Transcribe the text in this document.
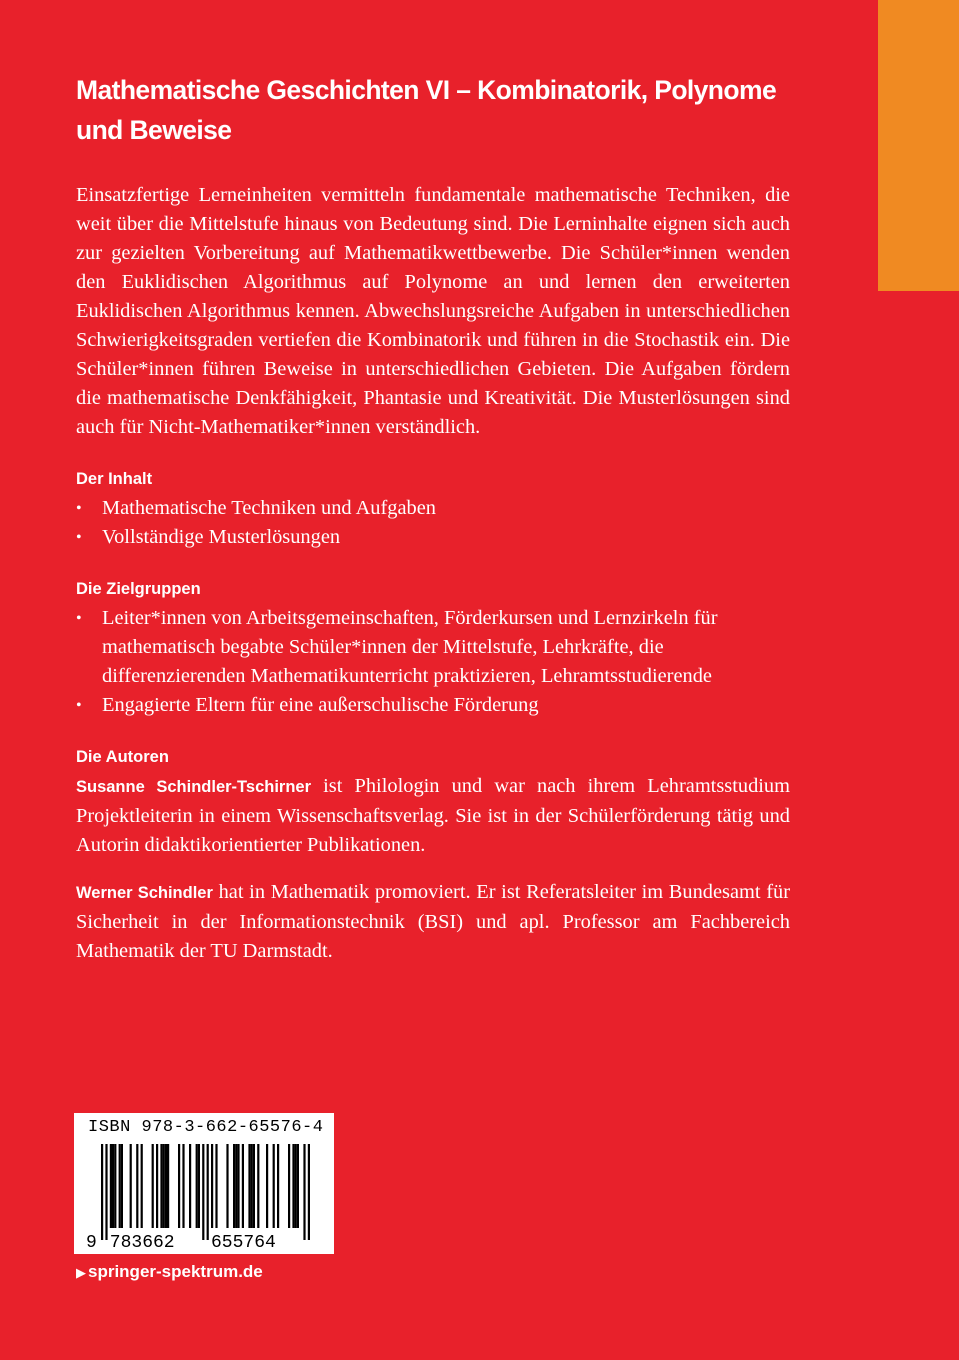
Mathematische Geschichten VI – Kombinatorik, Polynome und Beweise

Einsatzfertige Lerneinheiten vermitteln fundamentale mathematische Techniken, die weit über die Mittelstufe hinaus von Bedeutung sind. Die Lerninhalte eignen sich auch zur gezielten Vorbereitung auf Mathematikwettbewerbe. Die Schüler*innen wenden den Euklidischen Algorithmus auf Polynome an und lernen den erweiterten Euklidischen Algorithmus kennen. Abwechslungsreiche Aufgaben in unterschiedlichen Schwierigkeitsgraden vertiefen die Kombinatorik und führen in die Stochastik ein. Die Schüler*innen führen Beweise in unterschiedlichen Gebieten. Die Aufgaben fördern die mathematische Denkfähigkeit, Phantasie und Kreativität. Die Musterlösungen sind auch für Nicht-Mathematiker*innen verständlich.

Der Inhalt
• Mathematische Techniken und Aufgaben
• Vollständige Musterlösungen
Die Zielgruppen
• Leiter*innen von Arbeitsgemeinschaften, Förderkursen und Lernzirkeln für mathematisch begabte Schüler*innen der Mittelstufe, Lehrkräfte, die differenzierenden Mathematikunterricht praktizieren, Lehramtsstudierende
• Engagierte Eltern für eine außerschulische Förderung
Die Autoren

Susanne Schindler-Tschirner ist Philologin und war nach ihrem Lehramtsstudium Projektleiterin in einem Wissenschaftsverlag. Sie ist in der Schülerförderung tätig und Autorin didaktikorientierter Publikationen.

Werner Schindler hat in Mathematik promoviert. Er ist Referatsleiter im Bundesamt für Sicherheit in der Informationstechnik (BSI) und apl. Professor am Fachbereich Mathematik der TU Darmstadt.

ISBN 978-3-662-65576-4
9 783662 655764
▶ springer-spektrum.de
